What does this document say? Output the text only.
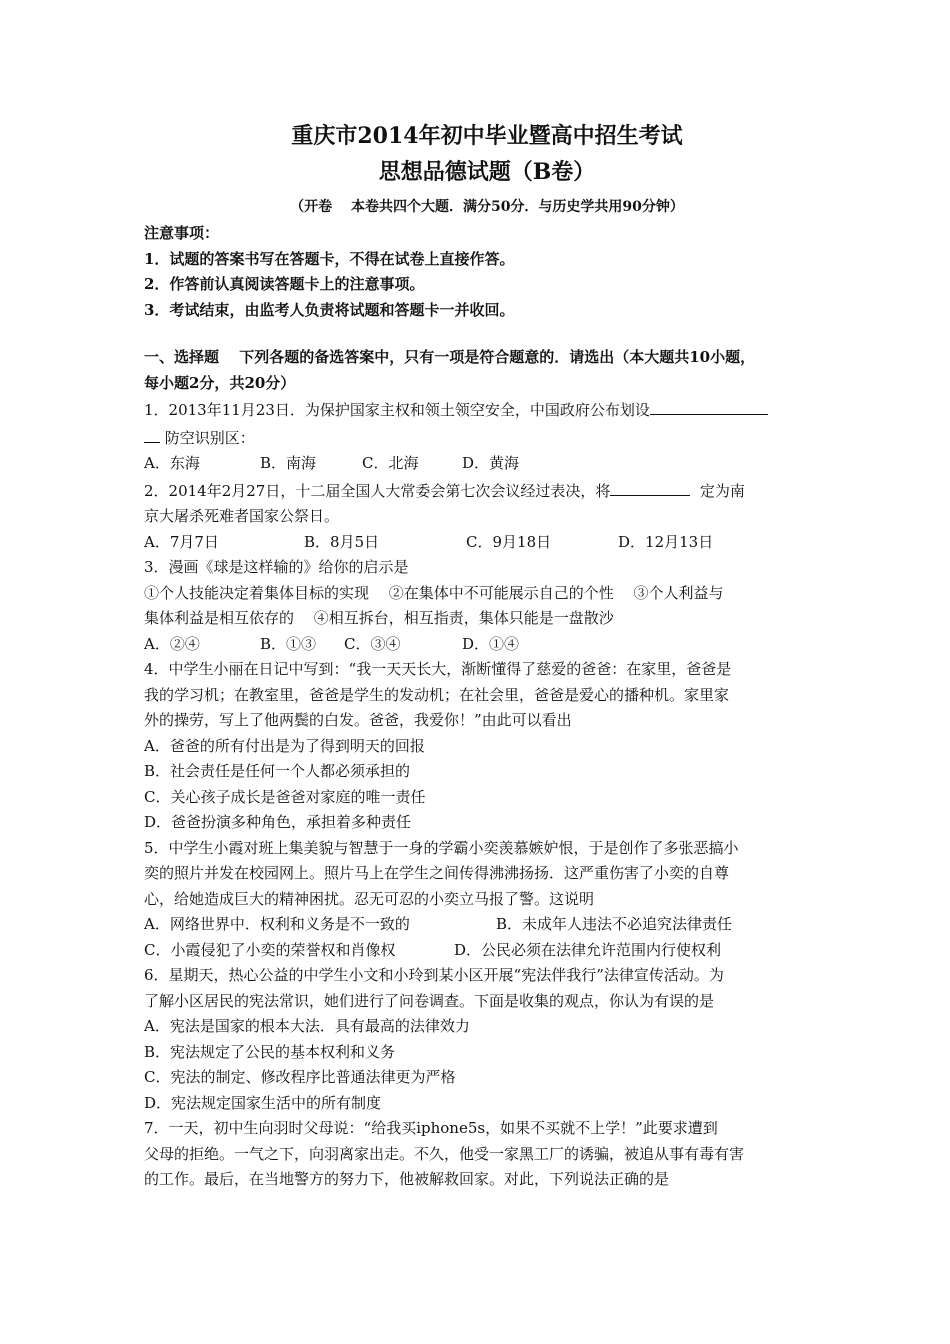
重庆市2014年初中毕业暨高中招生考试
思想品德试题（B卷）
（开卷　 本卷共四个大题．满分50分．与历史学共用90分钟）
注意事项：
1．试题的答案书写在答题卡，不得在试卷上直接作答。
2．作答前认真阅读答题卡上的注意事项。
3．考试结束，由监考人负责将试题和答题卡一并收回。
一、选择题　 下列各题的备选答案中，只有一项是符合题意的．请选出（本大题共10小题，
每小题2分，共20分）
1．2013年11月23日．为保护国家主权和领土领空安全，中国政府公布划设
防空识别区：
A．东海	B．南海	C．北海	D．黄海
2．2014年2月27日，十二届全国人大常委会第七次会议经过表决，将	定为南
京大屠杀死难者国家公祭日。
A．7月7日	B．8月5日	C．9月18日	D．12月13日
3．漫画《球是这样输的》给你的启示是
①个人技能决定着集体目标的实现　 ②在集体中不可能展示自己的个性　 ③个人利益与
集体利益是相互依存的　 ④相互拆台，相互指责，集体只能是一盘散沙
A．②④	B．①③	C．③④	D．①④
4．中学生小丽在日记中写到：“我一天天长大，渐断懂得了慈爱的爸爸：在家里，爸爸是
我的学习机；在教室里，爸爸是学生的发动机；在社会里，爸爸是爱心的播种机。家里家
外的操劳，写上了他两鬓的白发。爸爸，我爱你！”由此可以看出
A．爸爸的所有付出是为了得到明天的回报
B．社会责任是任何一个人都必须承担的
C．关心孩子成长是爸爸对家庭的唯一责任
D．爸爸扮演多种角色，承担着多种责任
5．中学生小霞对班上集美貌与智慧于一身的学霸小奕羡慕嫉妒恨，于是创作了多张恶搞小
奕的照片并发在校园网上。照片马上在学生之间传得沸沸扬扬．这严重伤害了小奕的自尊
心，给她造成巨大的精神困扰。忍无可忍的小奕立马报了警。这说明
A．网络世界中．权利和义务是不一致的	B．未成年人违法不必追究法律责任
C．小霞侵犯了小奕的荣誉权和肖像权	D．公民必须在法律允许范围内行使权利
6．星期天，热心公益的中学生小文和小玲到某小区开展“宪法伴我行”法律宣传活动。为
了解小区居民的宪法常识，她们进行了问卷调查。下面是收集的观点，你认为有误的是
A．宪法是国家的根本大法．具有最高的法律效力
B．宪法规定了公民的基本权利和义务
C．宪法的制定、修改程序比普通法律更为严格
D．宪法规定国家生活中的所有制度
7．一天，初中生向羽时父母说：“给我买iphone5s，如果不买就不上学！”此要求遭到
父母的拒绝。一气之下，向羽离家出走。不久，他受一家黑工厂的诱骗，被追从事有毒有害
的工作。最后，在当地警方的努力下，他被解救回家。对此，下列说法正确的是
